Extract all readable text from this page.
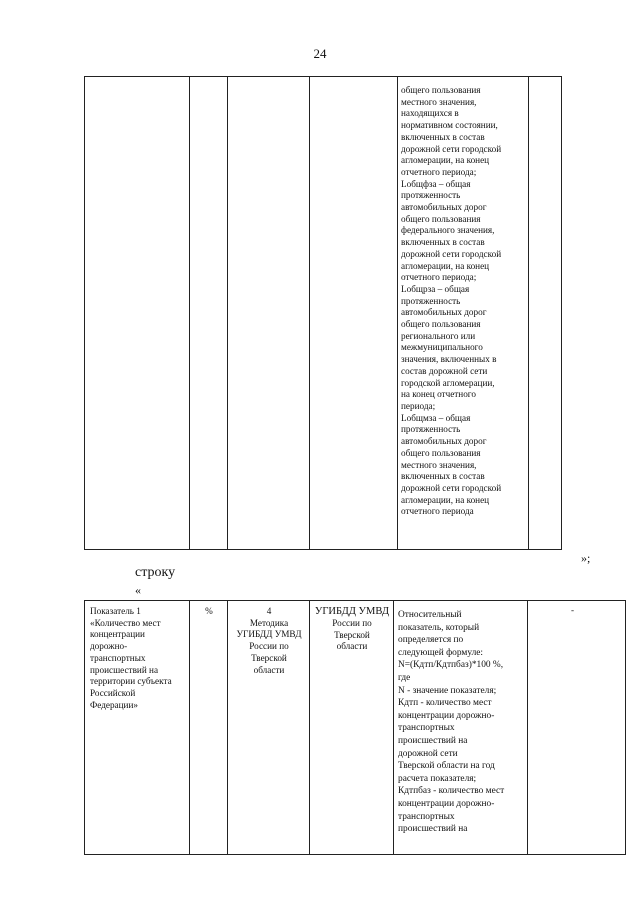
24
общего пользования
местного значения,
находящихся в
нормативном состоянии,
включенных в состав
дорожной сети городской
агломерации, на конец
отчетного периода;
Lобщфза – общая
протяженность
автомобильных дорог
общего пользования
федерального значения,
включенных в состав
дорожной сети городской
агломерации, на конец
отчетного периода;
Lобщрза – общая
протяженность
автомобильных дорог
общего пользования
регионального или
межмуниципального
значения, включенных в
состав дорожной сети
городской агломерации,
на конец отчетного
периода;
Lобщмза – общая
протяженность
автомобильных дорог
общего пользования
местного значения,
включенных в состав
дорожной сети городской
агломерации, на конец
отчетного периода
»;
строку
«
Показатель 1
«Количество мест
концентрации
дорожно-
транспортных
происшествий на
территории субъекта
Российской
Федерации»
%	4
Методика
УГИБДД УМВД
России по
Тверской
области
УГИБДД УМВД
России по
Тверской
области
Относительный
показатель, который
определяется по
следующей формуле:
N=(Кдтп/Кдтпбаз)*100 %,
где
N - значение показателя;
Кдтп - количество мест
концентрации дорожно-
транспортных
происшествий на
дорожной сети
Тверской области на год
расчета показателя;
Кдтпбаз - количество мест
концентрации дорожно-
транспортных
происшествий на
-
